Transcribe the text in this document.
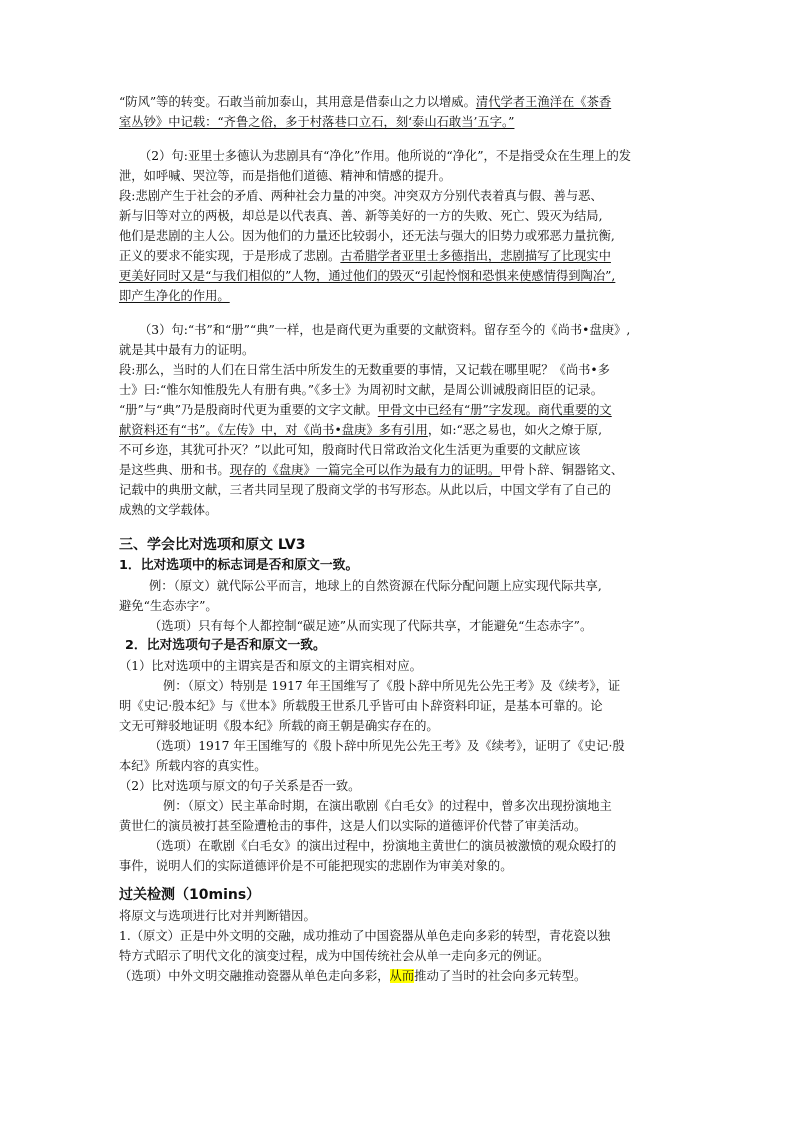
“防风”等的转变。石敢当前加泰山，其用意是借泰山之力以增威。清代学者王渔洋在《茶香
室丛钞》中记载：“齐鲁之俗，多于村落巷口立石，刻‘泰山石敢当’五字。”
（2）句:亚里士多德认为悲剧具有“净化”作用。他所说的“净化”，不是指受众在生理上的发
泄，如呼喊、哭泣等，而是指他们道德、精神和情感的提升。
段:悲剧产生于社会的矛盾、两种社会力量的冲突。冲突双方分别代表着真与假、善与恶、
新与旧等对立的两极，却总是以代表真、善、新等美好的一方的失败、死亡、毁灭为结局,
他们是悲剧的主人公。因为他们的力量还比较弱小，还无法与强大的旧势力或邪恶力量抗衡,
正义的要求不能实现，于是形成了悲剧。古希腊学者亚里士多德指出，悲剧描写了比现实中
更美好同时又是“与我们相似的”人物，通过他们的毁灭“引起怜悯和恐惧来使感情得到陶冶”,
即产生净化的作用。
（3）句:“书”和“册”“典”一样，也是商代更为重要的文献资料。留存至今的《尚书•盘庚》,
就是其中最有力的证明。
段:那么，当时的人们在日常生活中所发生的无数重要的事情，又记载在哪里呢？《尚书•多
士》曰:“惟尔知惟殷先人有册有典。”《多士》为周初时文献，是周公训诫殷商旧臣的记录。
“册”与“典”乃是殷商时代更为重要的文字文献。甲骨文中已经有“册”字发现。商代重要的文
献资料还有“书”。《左传》中，对《尚书•盘庚》多有引用，如:“恶之易也，如火之燎于原,
不可乡迩，其犹可扑灭？”以此可知，殷商时代日常政治文化生活更为重要的文献应该
是这些典、册和书。现存的《盘庚》一篇完全可以作为最有力的证明。甲骨卜辞、铜器铭文、
记载中的典册文献，三者共同呈现了殷商文学的书写形态。从此以后，中国文学有了自己的
成熟的文学载体。
三、学会比对选项和原文 LV3
1．比对选项中的标志词是否和原文一致。
例：（原文）就代际公平而言，地球上的自然资源在代际分配问题上应实现代际共享,
避免“生态赤字”。
（选项）只有每个人都控制“碳足迹”从而实现了代际共享，才能避免“生态赤字”。
2．比对选项句子是否和原文一致。
（1）比对选项中的主谓宾是否和原文的主谓宾相对应。
例：（原文）特别是 1917 年王国维写了《殷卜辞中所见先公先王考》及《续考》，证
明《史记·殷本纪》与《世本》所载殷王世系几乎皆可由卜辞资料印证，是基本可靠的。论
文无可辩驳地证明《殷本纪》所载的商王朝是确实存在的。
（选项）1917 年王国维写的《殷卜辞中所见先公先王考》及《续考》，证明了《史记·殷
本纪》所载内容的真实性。
（2）比对选项与原文的句子关系是否一致。
例：（原文）民主革命时期，在演出歌剧《白毛女》的过程中，曾多次出现扮演地主
黄世仁的演员被打甚至险遭枪击的事件，这是人们以实际的道德评价代替了审美活动。
（选项）在歌剧《白毛女》的演出过程中，扮演地主黄世仁的演员被激愤的观众殴打的
事件，说明人们的实际道德评价是不可能把现实的悲剧作为审美对象的。
过关检测（10mins）
将原文与选项进行比对并判断错因。
1.（原文）正是中外文明的交融，成功推动了中国瓷器从单色走向多彩的转型，青花瓷以独
特方式昭示了明代文化的演变过程，成为中国传统社会从单一走向多元的例证。
（选项）中外文明交融推动瓷器从单色走向多彩，从而推动了当时的社会向多元转型。
